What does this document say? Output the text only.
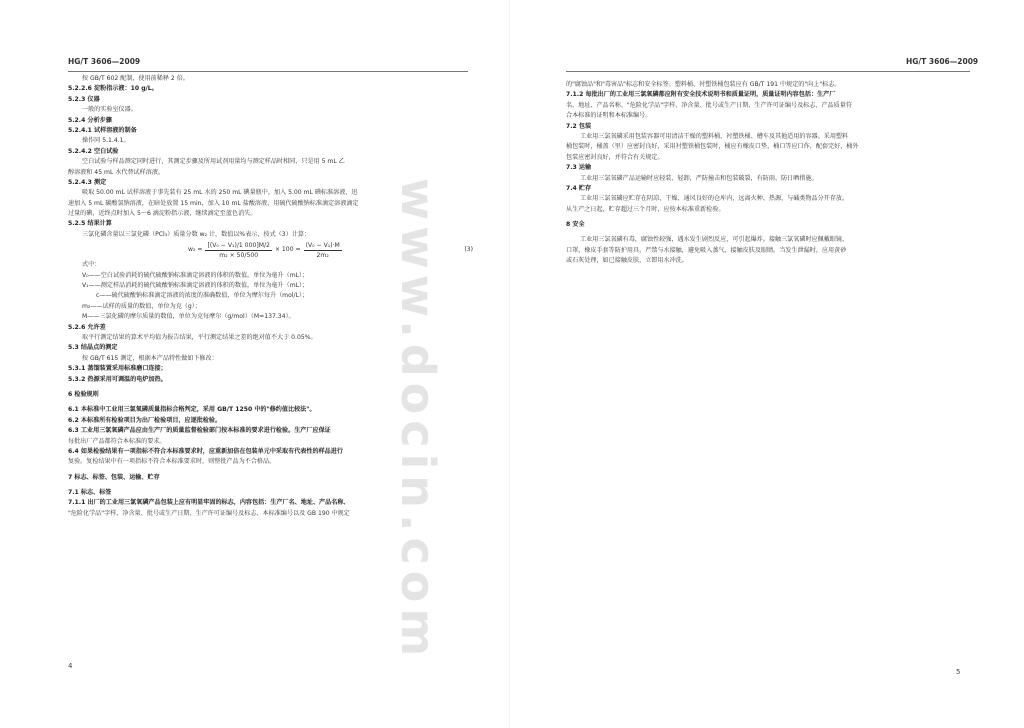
www.docin.com
HG/T 3606—2009	HG/T 3606—2009
按 GB/T 602 配制，使用前稀释 2 倍。
5.2.2.6 淀粉指示液：10 g/L。
5.2.3 仪器
一般的实验室仪器。
5.2.4 分析步骤
5.2.4.1 试样溶液的制备
操作同 5.1.4.1。
5.2.4.2 空白试验
空白试验与样品测定同时进行，其测定步骤及所用试剂用量均与测定样品时相同，只是用 5 mL 乙
醇溶液和 45 mL 水代替试样溶液。
5.2.4.3 测定
吸取 50.00 mL 试样溶液于事先装有 25 mL 水的 250 mL 碘量瓶中，加入 5.00 mL 碘标准溶液，迅
速加入 5 mL 碳酸氢钠溶液，在暗处放置 15 min，加入 10 mL 盐酸溶液，用硫代硫酸钠标准滴定溶液滴定
过量的碘，近终点时加入 5～6 滴淀粉指示液，继续滴定至蓝色消失。
5.2.5 结果计算
三氯化磷含量以三氯化磷（PCl₃）质量分数 w₂ 计，数值以%表示，按式（3）计算：
$w_2 = \frac{\text{[(V₀ − V₁)/1 000]M/2}}{\text{m₂ × 50/500}} \times 100 = \frac{\text{(V₀ − V₁)·M}}{\text{2m₂}}$	(3)
式中：
V₀——空白试验消耗的硫代硫酸钠标准滴定溶液的体积的数值，单位为毫升（mL）；
V₁——测定样品消耗的硫代硫酸钠标准滴定溶液的体积的数值，单位为毫升（mL）；
c——硫代硫酸钠标准滴定溶液的浓度的准确数值，单位为摩尔每升（mol/L）；
m₂——试样的质量的数值，单位为克（g）；
M——三氯化磷的摩尔质量的数值，单位为克每摩尔（g/mol）（M=137.34）。
5.2.6 允许差
取平行测定结果的算术平均值为报告结果，平行测定结果之差的绝对值不大于 0.05%。
5.3 结晶点的测定
按 GB/T 615 测定，根据本产品特性做如下修改：
5.3.1 蒸馏装置采用标准磨口连接；
5.3.2 热源采用可调温的电炉加热。
6 检验规则
6.1 本标准中工业用三氯氧磷质量指标合格判定，采用 GB/T 1250 中的"修约值比较法"。
6.2 本标准所有检验项目为出厂检验项目，应逐批检验。
6.3 工业用三氯氧磷产品应由生产厂的质量监督检验部门按本标准的要求进行检验。生产厂应保证
每批出厂产品都符合本标准的要求。
6.4 如果检验结果有一项指标不符合本标准要求时，应重新加倍在包装单元中采取有代表性的样品进行
复验。复检结果中有一项指标不符合本标准要求时，则整批产品为不合格品。
7 标志、标签、包装、运输、贮存
7.1 标志、标签
7.1.1 出厂的工业用三氯氧磷产品包装上应有明显牢固的标志，内容包括：生产厂名、地址、产品名称、
"危险化学品"字样、净含量、批号或生产日期、生产许可证编号及标志、本标准编号以及 GB 190 中规定
的"腐蚀品"和"毒害品"标志和安全标签。塑料桶、衬塑铁桶包装应有 GB/T 191 中规定的"向上"标志。
7.1.2 每批出厂的工业用三氯氧磷都应附有安全技术说明书和质量证明，质量证明内容包括：生产厂
名、地址、产品名称、"危险化学品"字样、净含量、批号或生产日期、生产许可证编号及标志、产品质量符
合本标准的证明和本标准编号。
7.2 包装
工业用三氯氧磷采用包装容器可用清洁干燥的塑料桶、衬塑铁桶、槽车及其他适用的容器。采用塑料
桶包装时，桶盖（里）应密封良好，采用衬塑铁桶包装时，桶应有橡皮口垫，桶口等应口作，配套完好，桶外
包装应密封良好，并符合有关规定。
7.3 运输
工业用三氯氧磷产品运输时应轻装、轻卸，严防撞击和包装破裂，有防雨、防日晒措施。
7.4 贮存
工业用三氯氧磷应贮存在阴凉、干燥、通风良好的仓库内，远离火种、热源，与碱类物品分开存放。
从生产之日起，贮存超过三个月时，应按本标准重新检验。
8 安全
工业用三氯氧磷有毒，腐蚀性较强，遇水发生剧烈反应，可引起爆炸。接触三氯氧磷时应佩戴眼镜、
口罩，橡皮手套等防护用具，严禁与水接触，避免吸入蒸气、接触皮肤及眼睛。当发生泄漏时，应用黄砂
或石灰处理，如已接触皮肤，立即用水冲洗。
4
5
